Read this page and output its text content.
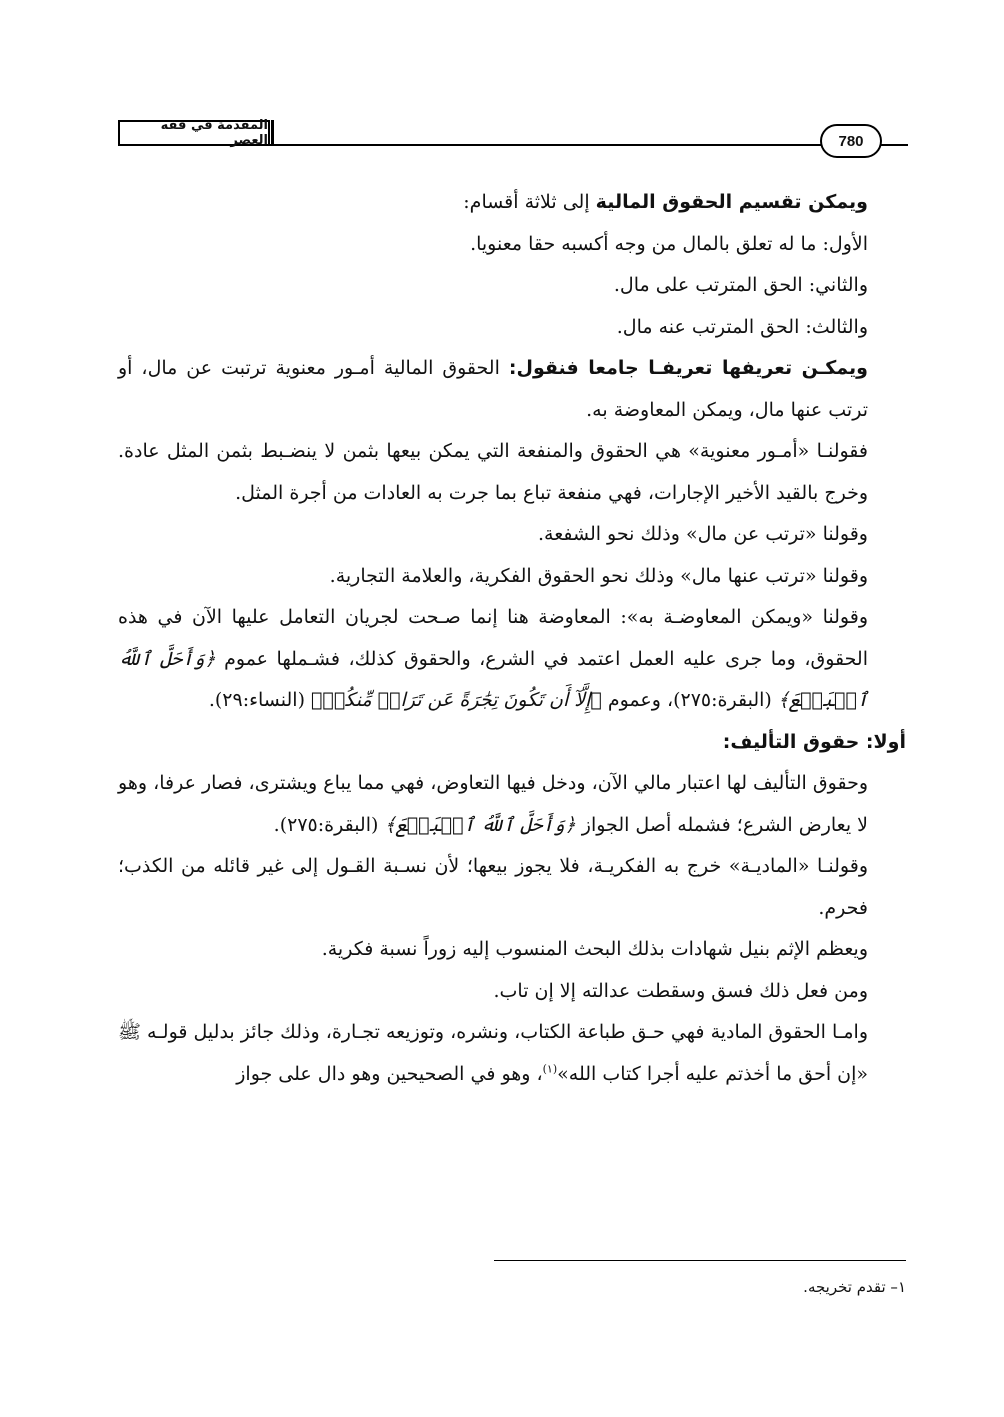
المقدمة في فقه العصر	780

ويمكن تقسيم الحقوق المالية إلى ثلاثة أقسام:

الأول: ما له تعلق بالمال من وجه أكسبه حقا معنويا.

والثاني: الحق المترتب على مال.

والثالث: الحق المترتب عنه مال.

ويمكـن تعريفها تعريفـا جامعا فنقول: الحقوق المالية أمـور معنوية ترتبت عن مال، أو ترتب عنها مال، ويمكن المعاوضة به.

فقولنـا «أمـور معنوية» هي الحقوق والمنفعة التي يمكن بيعها بثمن لا ينضـبط بثمن المثل عادة. وخرج بالقيد الأخير الإجارات، فهي منفعة تباع بما جرت به العادات من أجرة المثل.

وقولنا «ترتب عن مال» وذلك نحو الشفعة.

وقولنا «ترتب عنها مال» وذلك نحو الحقوق الفكرية، والعلامة التجارية.

وقولنا «ويمكن المعاوضـة به»: المعاوضة هنا إنما صـحت لجريان التعامل عليها الآن في هذه الحقوق، وما جرى عليه العمل اعتمد في الشرع، والحقوق كذلك، فشـملها عموم ﴿وَأَحَلَّ ٱللَّهُ ٱلۡبَيۡعَ﴾ (البقرة:٢٧٥)، وعموم ﴿إِلَّآ أَن تَكُونَ تِجَٰرَةً عَن تَرَاضٖ مِّنكُمۡ﴾ (النساء:٢٩).

أولا: حقوق التأليف:

وحقوق التأليف لها اعتبار مالي الآن، ودخل فيها التعاوض، فهي مما يباع ويشترى، فصار عرفا، وهو لا يعارض الشرع؛ فشمله أصل الجواز ﴿وَأَحَلَّ ٱللَّهُ ٱلۡبَيۡعَ﴾ (البقرة:٢٧٥).

وقولنـا «الماديـة» خرج به الفكريـة، فلا يجوز بيعها؛ لأن نسـبة القـول إلى غير قائله من الكذب؛ فحرم.

ويعظم الإثم بنيل شهادات بذلك البحث المنسوب إليه زوراً نسبة فكرية.

ومن فعل ذلك فسق وسقطت عدالته إلا إن تاب.

وامـا الحقوق المادية فهي حـق طباعة الكتاب، ونشره، وتوزيعه تجـارة، وذلك جائز بدليل قولـه ﷺ «إن أحق ما أخذتم عليه أجرا كتاب الله»$^{(١)}$، وهو في الصحيحين وهو دال على جواز

١– تقدم تخريجه.
